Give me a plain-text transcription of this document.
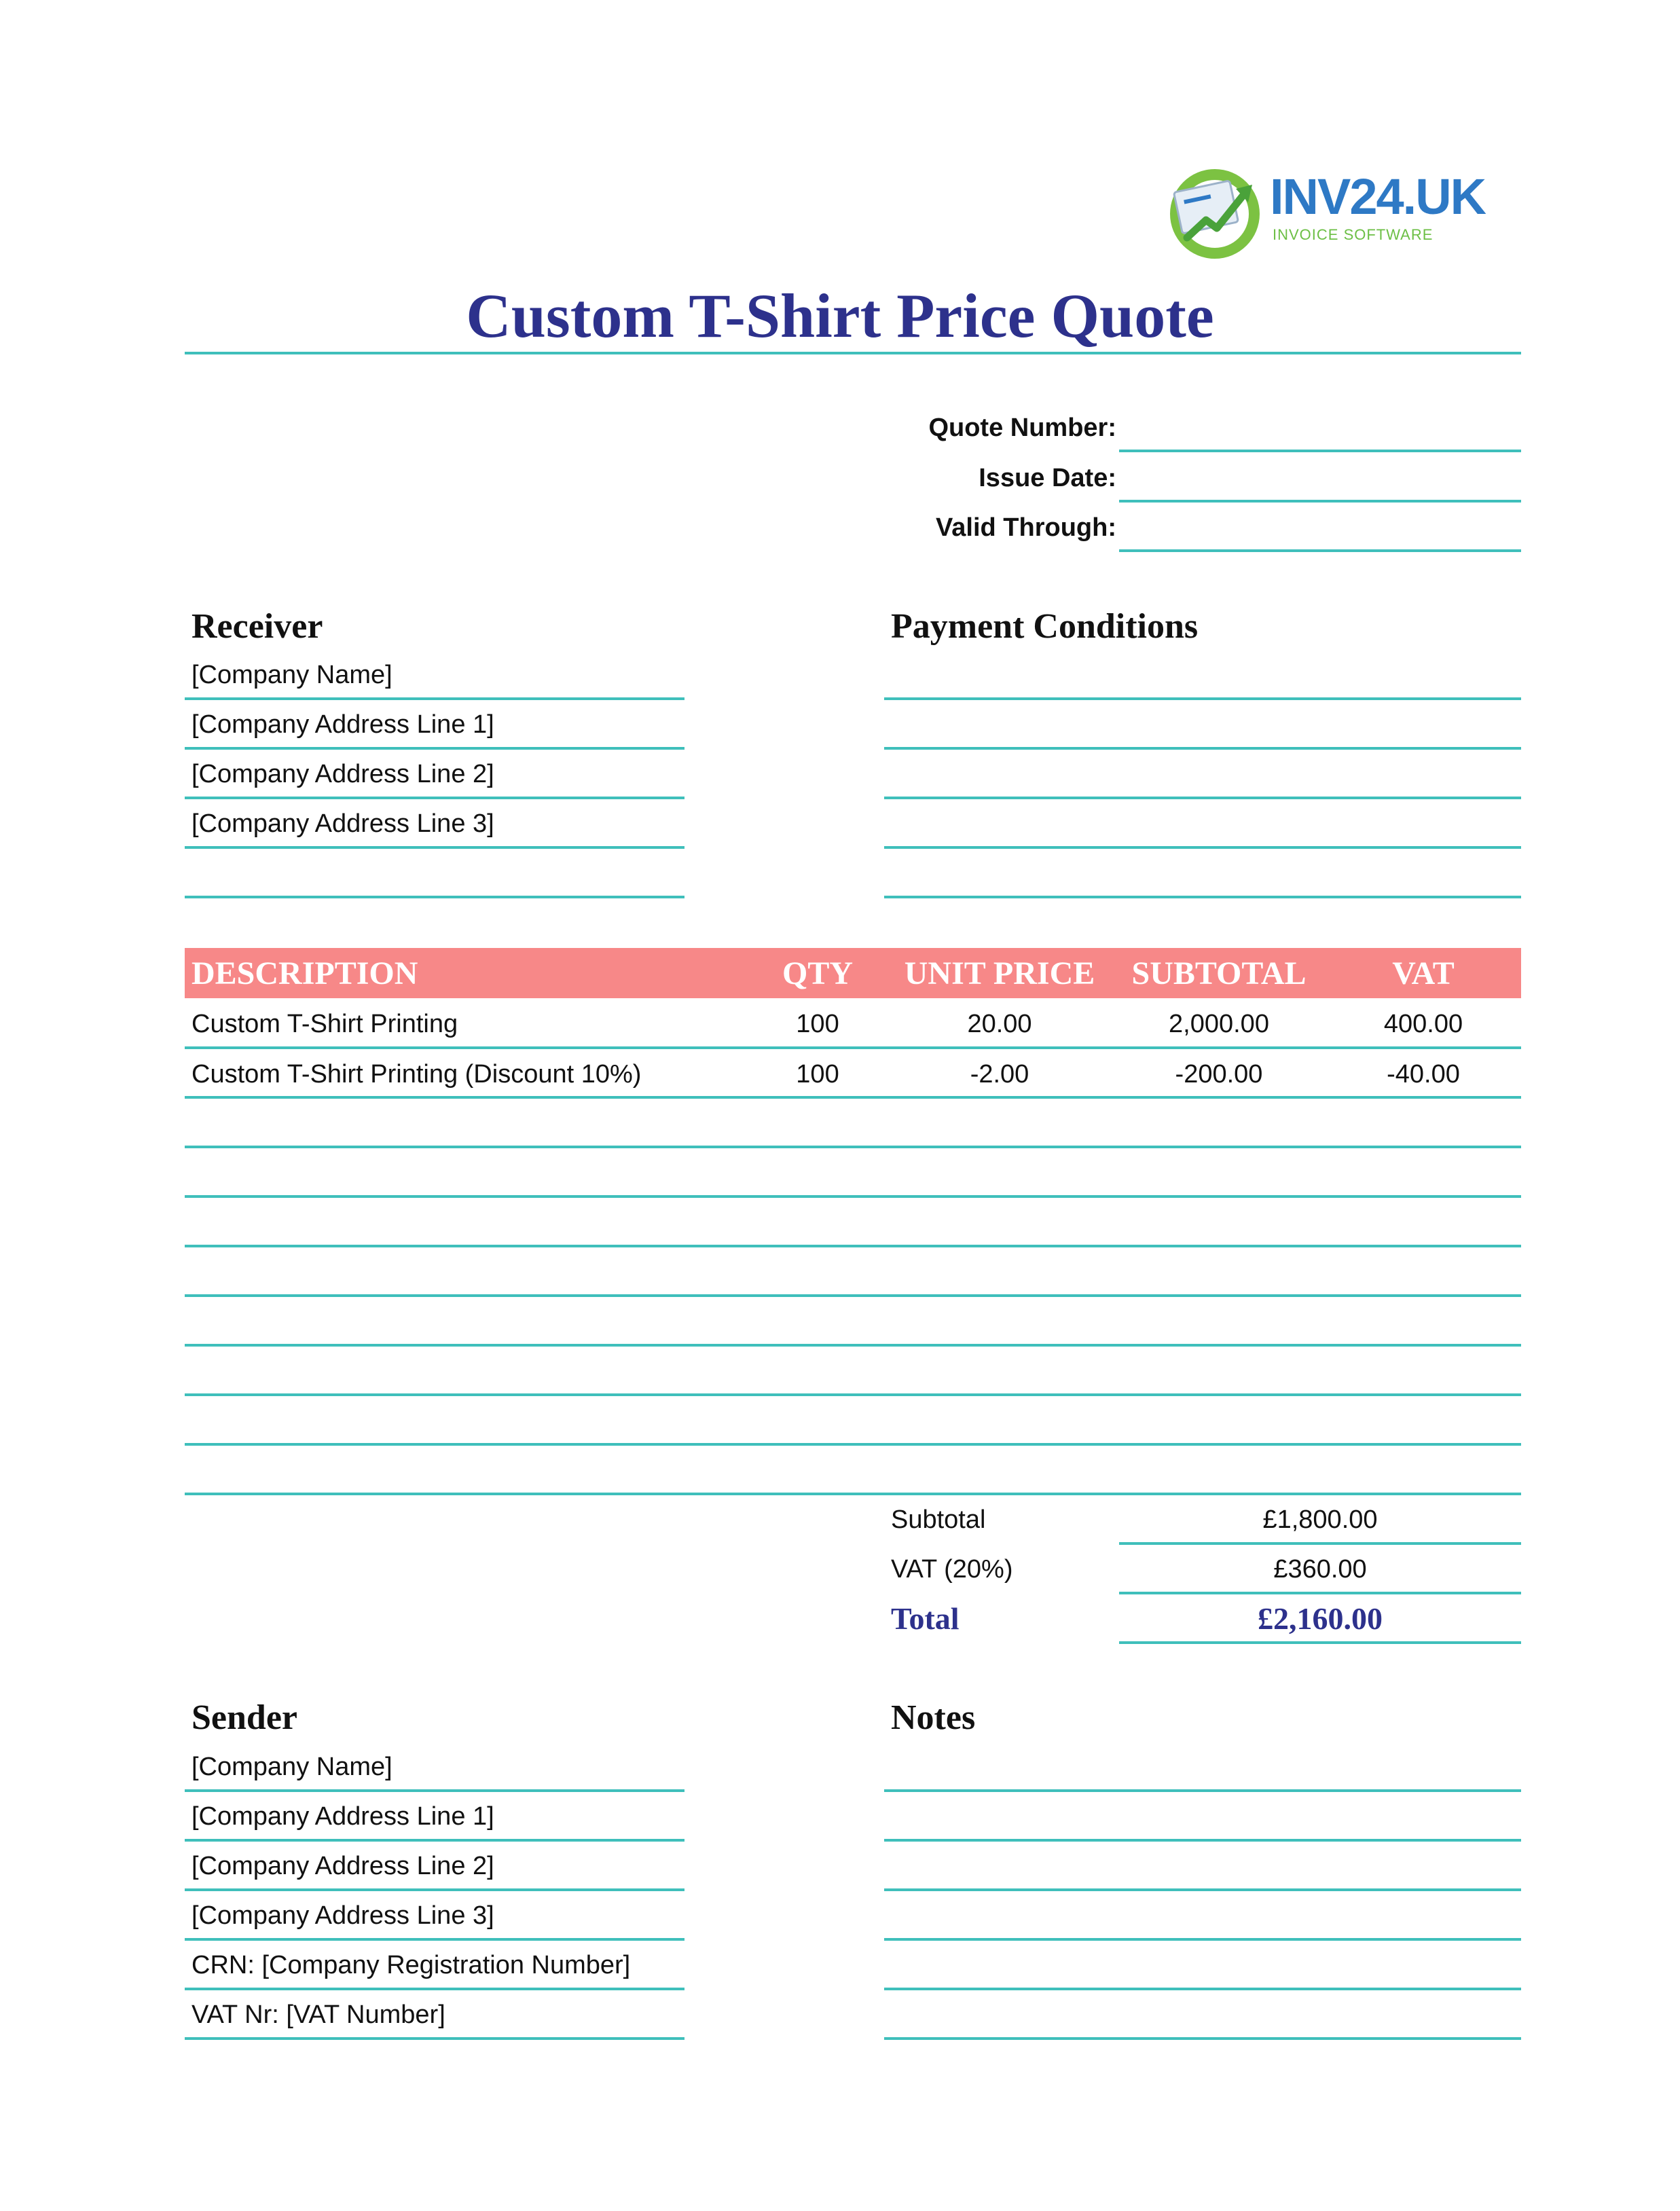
INV24.UK
INVOICE SOFTWARE
Custom T-Shirt Price Quote
Quote Number:
Issue Date:
Valid Through:
Receiver
[Company Name]
[Company Address Line 1]
[Company Address Line 2]
[Company Address Line 3]
Payment Conditions
DESCRIPTION	QTY	UNIT PRICE	SUBTOTAL	VAT
Custom T-Shirt Printing	100	20.00	2,000.00	400.00
Custom T-Shirt Printing (Discount 10%)	100	-2.00	-200.00	-40.00
Subtotal	£1,800.00
VAT (20%)	£360.00
Total	£2,160.00
Sender
[Company Name]
[Company Address Line 1]
[Company Address Line 2]
[Company Address Line 3]
CRN: [Company Registration Number]
VAT Nr: [VAT Number]
Notes
